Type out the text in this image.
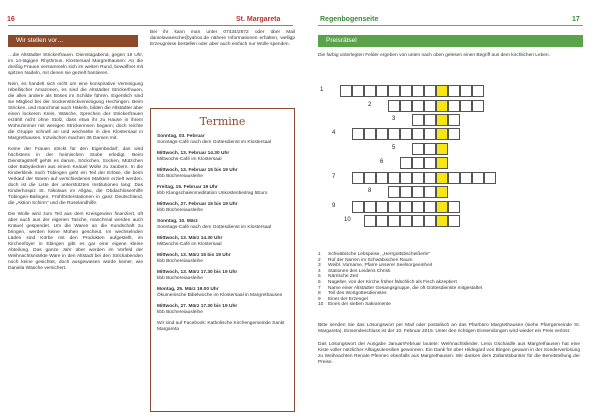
16	St. Margareta	Regenbogenseite	17
Wir stellen vor…

…die Altstädter Strickerfrauen. Dienstagabend, gegen 19 Uhr, im 14-tägigen Rhythmus, Klostersaal Margrethausen: An die dreißig Frauen versammeln sich im weiten Rund, bewaffnet mit spitzen Nadeln, mit denen sie gezielt hantieren.

Nein, es handelt sich nicht um eine konspirative Vereinigung rebellischer Amazonen, es sind die Altstädter Strickerfrauen, die alles andere als Böses im Schilde führen. Eigentlich sind sie Mitglied bei der Sockenstrickvereinigung Hechingen. Beim Stricken, und manchmal auch Häkeln, bilden die Altstädter aber einen lockeren Kreis. Wäsche, Sprechen der Strickerfrauen erzählt nicht ohne Stolz, dass etwa ihr zu Hause in ihrem Wohnzimmer mit wenigen Strickerinnen begann; doch reichte die Gruppe schnell an und wechselte in den Klostersaal in Margrethausen. Inzwischen machen 36 Damen mit.

Keine der Frauen strickt für den Eigenbedarf, das wird höchstens in der heimischen Stube erledigt. Beim Dienstagstreff gehts es darum, Söckchen, Socken, Mützchen oder Babydecken aus einem Knäuel Wolle zu zaubern. In die Kinderklinik nach Tübingen geht ein Teil der Erlöse, die beim Verkauf der Waren auf verschiedenen Märkten erzielt werden, doch ist die Liste der unterstützten Institutionen lang: Das Kinderhospiz St. Nikolaus im Allgäu, die Obdachlosenhilfe Tübingen-Balingen, Frühförderstationen in ganz Deutschland, die „Aktion Schirm" und die Ruselandhilfe.

Die Wolle wird zum Teil aus dem Kreisgewinn finanziert, oft aber auch aus der eigenen Tasche, manchmal werden auch Knäuel gespendet. Um die Waren an die Kundschaft zu bringen, werden keine Mühen gescheut. Im wechselnden Läden sind Körbe mit den Produkten aufgestellt, im Kirchenfoyer in Ebingen gibt es gar eine eigene kleine Abteilung. Das ganze Jahr über werden im Vorfeld der Weihnachtsmärkte Ware in den Altstadt bei den Strickabenden noch keine gesichtet, doch ausgewiesen würde keiner, wie Daniela Wäsche versichert.

Bei ihr kann man unter 07434/2672 oder über Mail danielawaesche@yahoo.de nähere Informationen erhalten, welligp Erzeugnisse bestellen oder aber auch einfach nur Wolle spenden.

Termine
Sonntag, 03. Februar
Sonntags-Café nach dem Gottesdienst im Klostersaal
Mittwoch, 13. Februar 14.30 Uhr
Mittwochs-Café im Klostersaal
Mittwoch, 13. Februar 15 bis 19 Uhr
kbb Büchereiausleihe
Freitag, 15. Februar 19 Uhr
kbb Klangschalenmeditation Unkostenbeitrag 5Euro
Mittwoch, 27. Februar 15 bis 19 Uhr
kbb Büchereiausleihe
Sonntag, 10. März
Sonntags-Café nach dem Gottesdienst im Klostersaal
Mittwoch, 13. März 14.30 Uhr
Mittwochs-Café im Klostersaal
Mittwoch, 13. März 15 bis 19 Uhr
kbb Büchereiausleihe
Mittwoch, 13. März 17.30 bis 19 Uhr
kbb Büchereiausleihe
Montag, 25. März 19.00 Uhr
Ökumenische Bibelwoche im Klostersaal in Margrethausen
Mittwoch, 27. März 17.30 bis 19 Uhr
kbb Büchereiausleihe
Wir sind auf Facebook: Katholische Kirchengemeinde Sankt Margareta
Preisrätsel
Die farbig unterlegten Felder ergeben von unten nach oben gelesen einen Begriff aus dem kirchlichen Leben.
1
2
3
4
5
6
7
8
9
10
1	Schwäbische Lebspeise, „Herrgottsbscheißerle"
2	Ruf der Narren im Schwäbischen Raum
3	Weibl. Vorname, Pfarre unserer Seelsorgeeinheit
4	Stationen des Leidens Christi
5	Närrische Zeit
6	Nagelter, von der Kirche früher fälschlich als Fisch akzeptiert
7	Name einer Altstädter Gesangsgruppe, die oft Gottesdienste mitgestaltet
8	Teil des Wortgottesdienstes
9	Einer der Erzengel
10 Eines der sieben Sakramente
Bitte senden Sie das Lösungswort per Mail oder postalisch an das Pfarrbüro Margrethausen (siehe Pfarrgemeinde St. Margareta). Einsendeschluss ist der 10. Februar 2019. Unter den richtigen Einsendungen wird wieder ein Preis verlost.
Das Lösungswort der Ausgabe Januar/Februar lautete: Weihnachtslieder. Lena Gschaidle aus Margrethausen hat eine Kiste voller nützlicher Alltagsutensilien gewonnen. Ein Dank für über Hildegard von Bingen gewann in der Sonderverlosung zu Weihnachten Renate Pfennec ebenfalls aus Margrethausen. Wir danken dem Zollamtsbuntier für die Bereitstellung der Preise.
